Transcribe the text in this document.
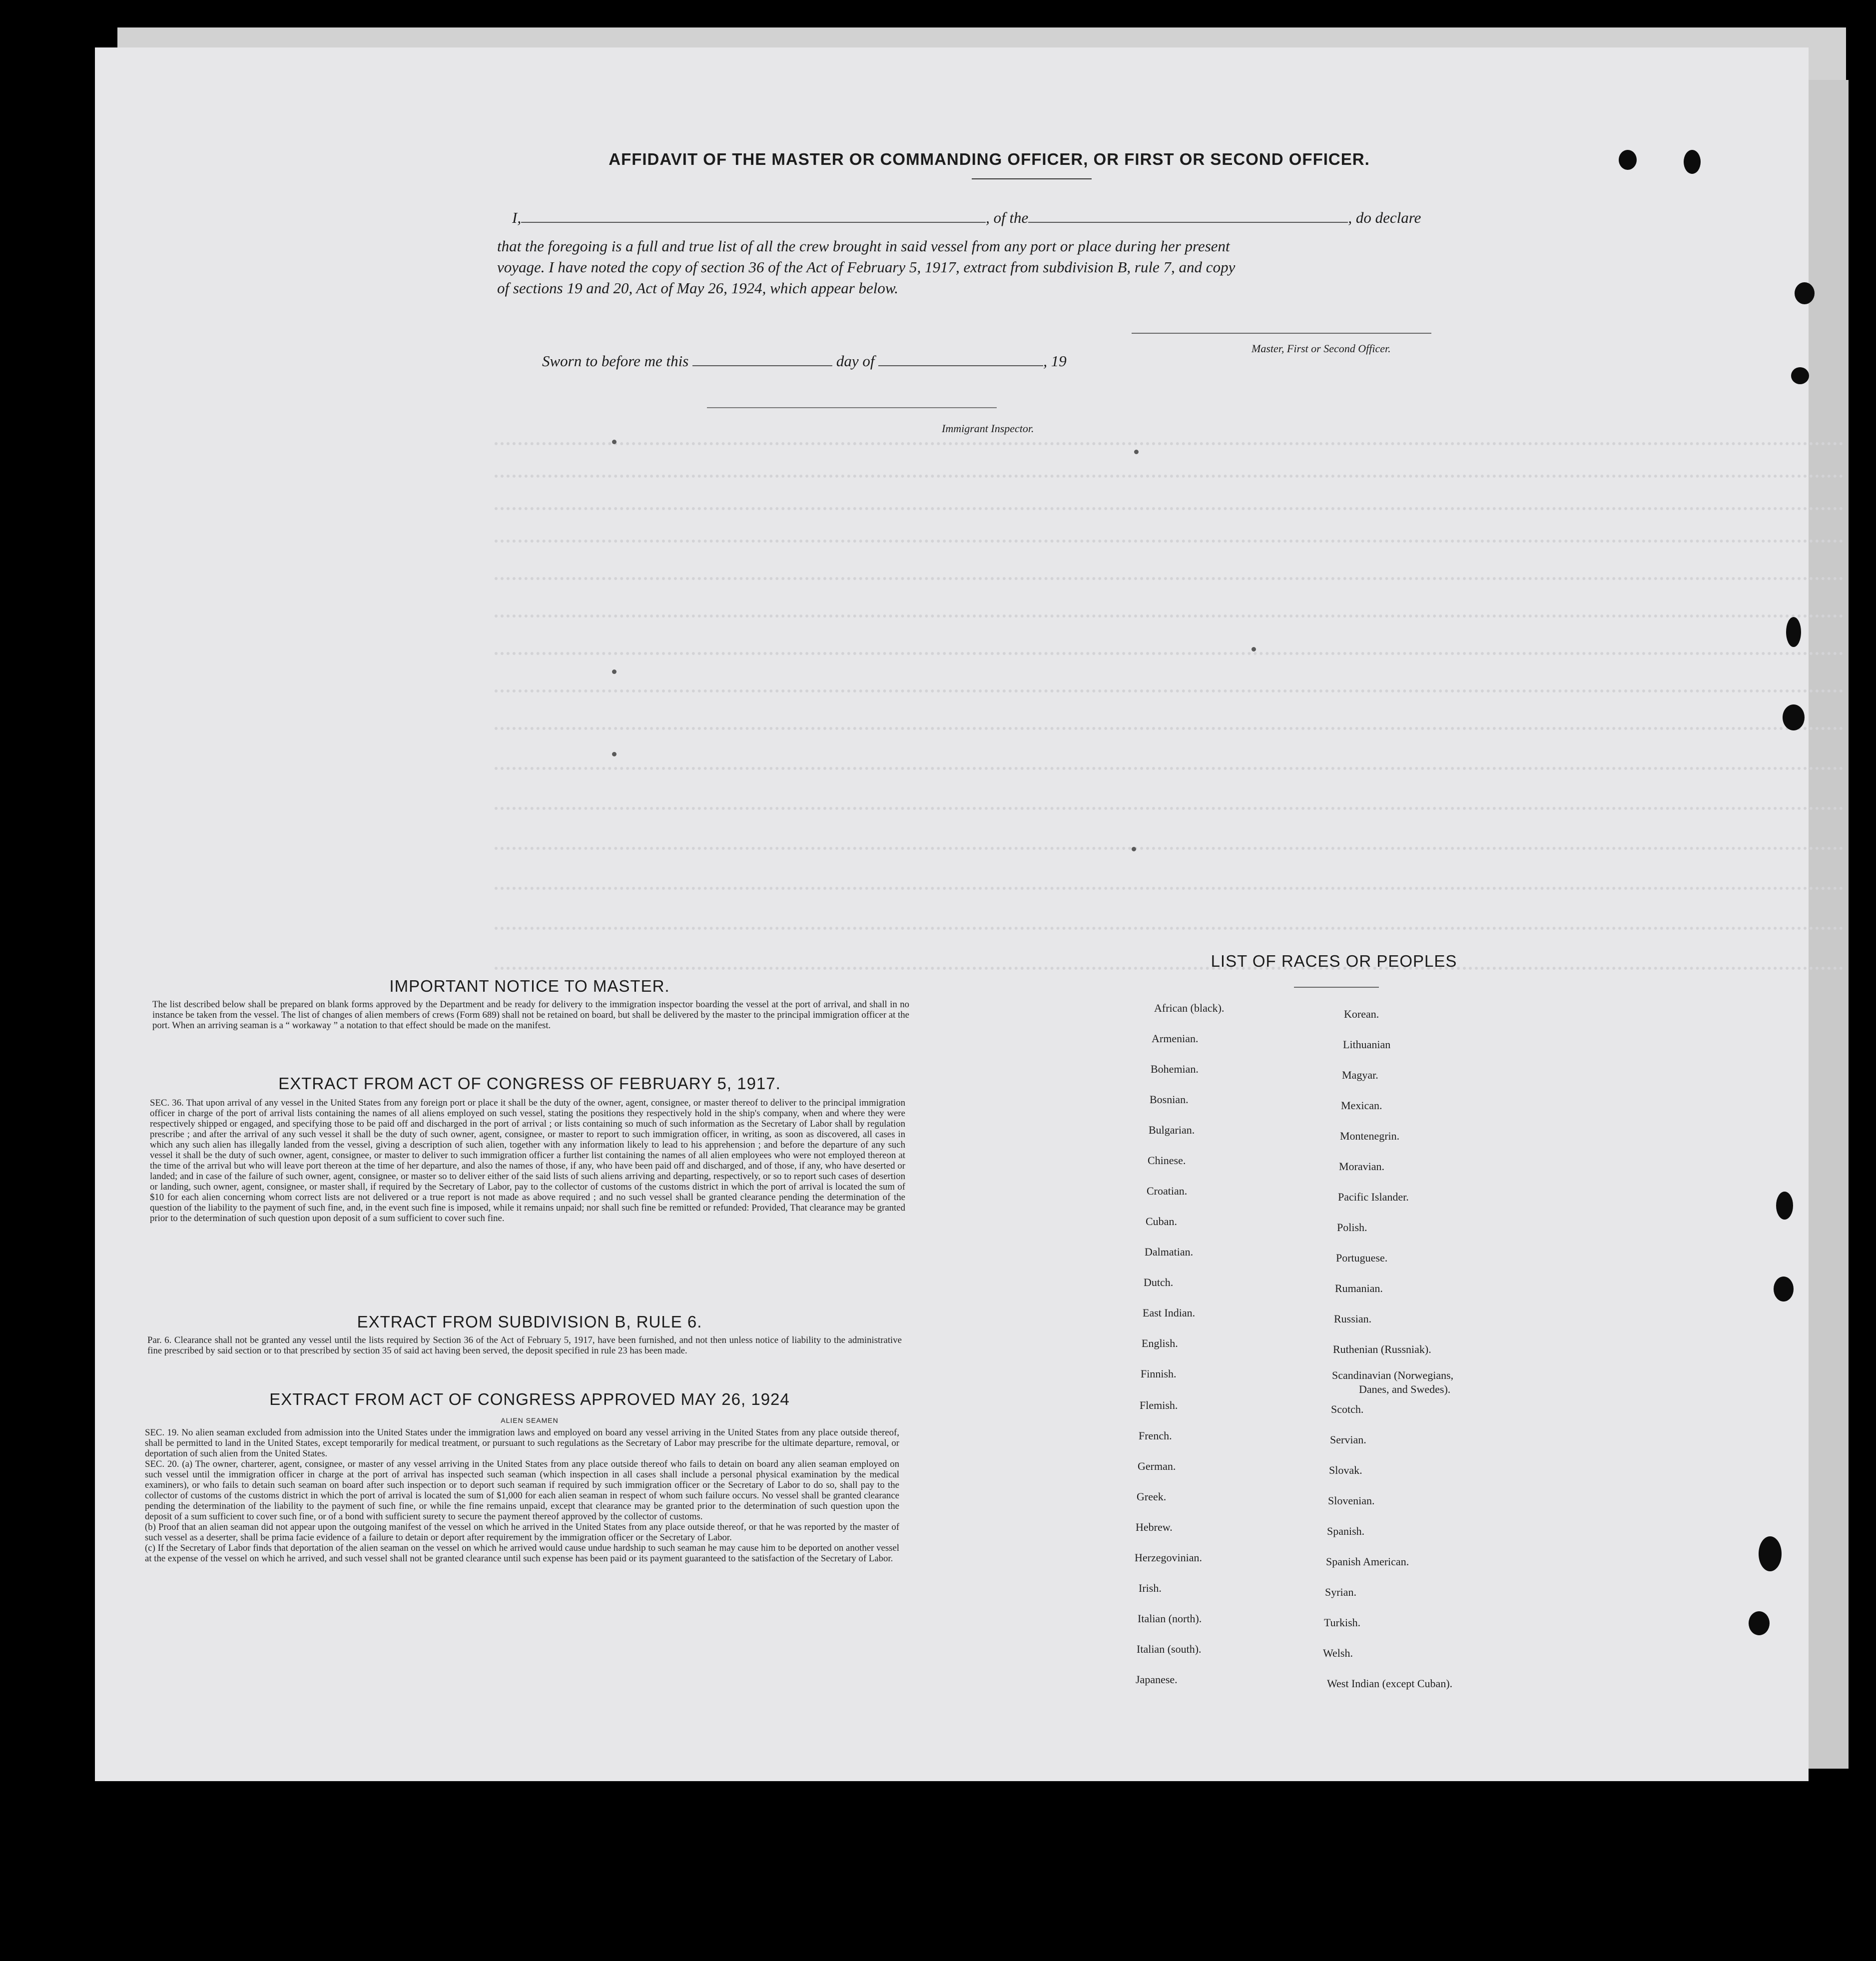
AFFIDAVIT OF THE MASTER OR COMMANDING OFFICER, OR FIRST OR SECOND OFFICER.
I,	, of the	, do declare
that the foregoing is a full and true list of all the crew brought in said vessel from any port or place during her present
voyage. I have noted the copy of section 36 of the Act of February 5, 1917, extract from subdivision B, rule 7, and copy
of sections 19 and 20, Act of May 26, 1924, which appear below.
Master, First or Second Officer.
Sworn to before me this	day of	, 19
Immigrant Inspector.
IMPORTANT NOTICE TO MASTER.
The list described below shall be prepared on blank forms approved by the Department and be ready for delivery to the immigration inspector boarding the vessel at the port of arrival, and shall in no instance be taken from the vessel. The list of changes of alien members of crews (Form 689) shall not be retained on board, but shall be delivered by the master to the principal immigration officer at the port. When an arriving seaman is a “ workaway ” a notation to that effect should be made on the manifest.
EXTRACT FROM ACT OF CONGRESS OF FEBRUARY 5, 1917.
SEC. 36. That upon arrival of any vessel in the United States from any foreign port or place it shall be the duty of the owner, agent, consignee, or master thereof to deliver to the principal immigration officer in charge of the port of arrival lists containing the names of all aliens employed on such vessel, stating the positions they respectively hold in the ship's company, when and where they were respectively shipped or engaged, and specifying those to be paid off and discharged in the port of arrival ; or lists containing so much of such information as the Secretary of Labor shall by regulation prescribe ; and after the arrival of any such vessel it shall be the duty of such owner, agent, consignee, or master to report to such immigration officer, in writing, as soon as discovered, all cases in which any such alien has illegally landed from the vessel, giving a description of such alien, together with any information likely to lead to his apprehension ; and before the departure of any such vessel it shall be the duty of such owner, agent, consignee, or master to deliver to such immigration officer a further list containing the names of all alien employees who were not employed thereon at the time of the arrival but who will leave port thereon at the time of her departure, and also the names of those, if any, who have been paid off and discharged, and of those, if any, who have deserted or landed; and in case of the failure of such owner, agent, consignee, or master so to deliver either of the said lists of such aliens arriving and departing, respectively, or so to report such cases of desertion or landing, such owner, agent, consignee, or master shall, if required by the Secretary of Labor, pay to the collector of customs of the customs district in which the port of arrival is located the sum of $10 for each alien concerning whom correct lists are not delivered or a true report is not made as above required ; and no such vessel shall be granted clearance pending the determination of the question of the liability to the payment of such fine, and, in the event such fine is imposed, while it remains unpaid; nor shall such fine be remitted or refunded: Provided, That clearance may be granted prior to the determination of such question upon deposit of a sum sufficient to cover such fine.
EXTRACT FROM SUBDIVISION B, RULE 6.
Par. 6. Clearance shall not be granted any vessel until the lists required by Section 36 of the Act of February 5, 1917, have been furnished, and not then unless notice of liability to the administrative fine prescribed by said section or to that prescribed by section 35 of said act having been served, the deposit specified in rule 23 has been made.
EXTRACT FROM ACT OF CONGRESS APPROVED MAY 26, 1924
ALIEN SEAMEN

SEC. 19. No alien seaman excluded from admission into the United States under the immigration laws and employed on board any vessel arriving in the United States from any place outside thereof, shall be permitted to land in the United States, except temporarily for medical treatment, or pursuant to such regulations as the Secretary of Labor may prescribe for the ultimate departure, removal, or deportation of such alien from the United States.

SEC. 20. (a) The owner, charterer, agent, consignee, or master of any vessel arriving in the United States from any place outside thereof who fails to detain on board any alien seaman employed on such vessel until the immigration officer in charge at the port of arrival has inspected such seaman (which inspection in all cases shall include a personal physical examination by the medical examiners), or who fails to detain such seaman on board after such inspection or to deport such seaman if required by such immigration officer or the Secretary of Labor to do so, shall pay to the collector of customs of the customs district in which the port of arrival is located the sum of $1,000 for each alien seaman in respect of whom such failure occurs. No vessel shall be granted clearance pending the determination of the liability to the payment of such fine, or while the fine remains unpaid, except that clearance may be granted prior to the determination of such question upon the deposit of a sum sufficient to cover such fine, or of a bond with sufficient surety to secure the payment thereof approved by the collector of customs.

(b) Proof that an alien seaman did not appear upon the outgoing manifest of the vessel on which he arrived in the United States from any place outside thereof, or that he was reported by the master of such vessel as a deserter, shall be prima facie evidence of a failure to detain or deport after requirement by the immigration officer or the Secretary of Labor.

(c) If the Secretary of Labor finds that deportation of the alien seaman on the vessel on which he arrived would cause undue hardship to such seaman he may cause him to be deported on another vessel at the expense of the vessel on which he arrived, and such vessel shall not be granted clearance until such expense has been paid or its payment guaranteed to the satisfaction of the Secretary of Labor.

LIST OF RACES OR PEOPLES
African (black).
Armenian.
Bohemian.
Bosnian.
Bulgarian.
Chinese.
Croatian.
Cuban.
Dalmatian.
Dutch.
East Indian.
English.
Finnish.
Flemish.
French.
German.
Greek.
Hebrew.
Herzegovinian.
Irish.
Italian (north).
Italian (south).
Japanese.
Korean.
Lithuanian
Magyar.
Mexican.
Montenegrin.
Moravian.
Pacific Islander.
Polish.
Portuguese.
Rumanian.
Russian.
Ruthenian (Russniak).
Scandinavian (Norwegians,
Danes, and Swedes).
Scotch.
Servian.
Slovak.
Slovenian.
Spanish.
Spanish American.
Syrian.
Turkish.
Welsh.
West Indian (except Cuban).
